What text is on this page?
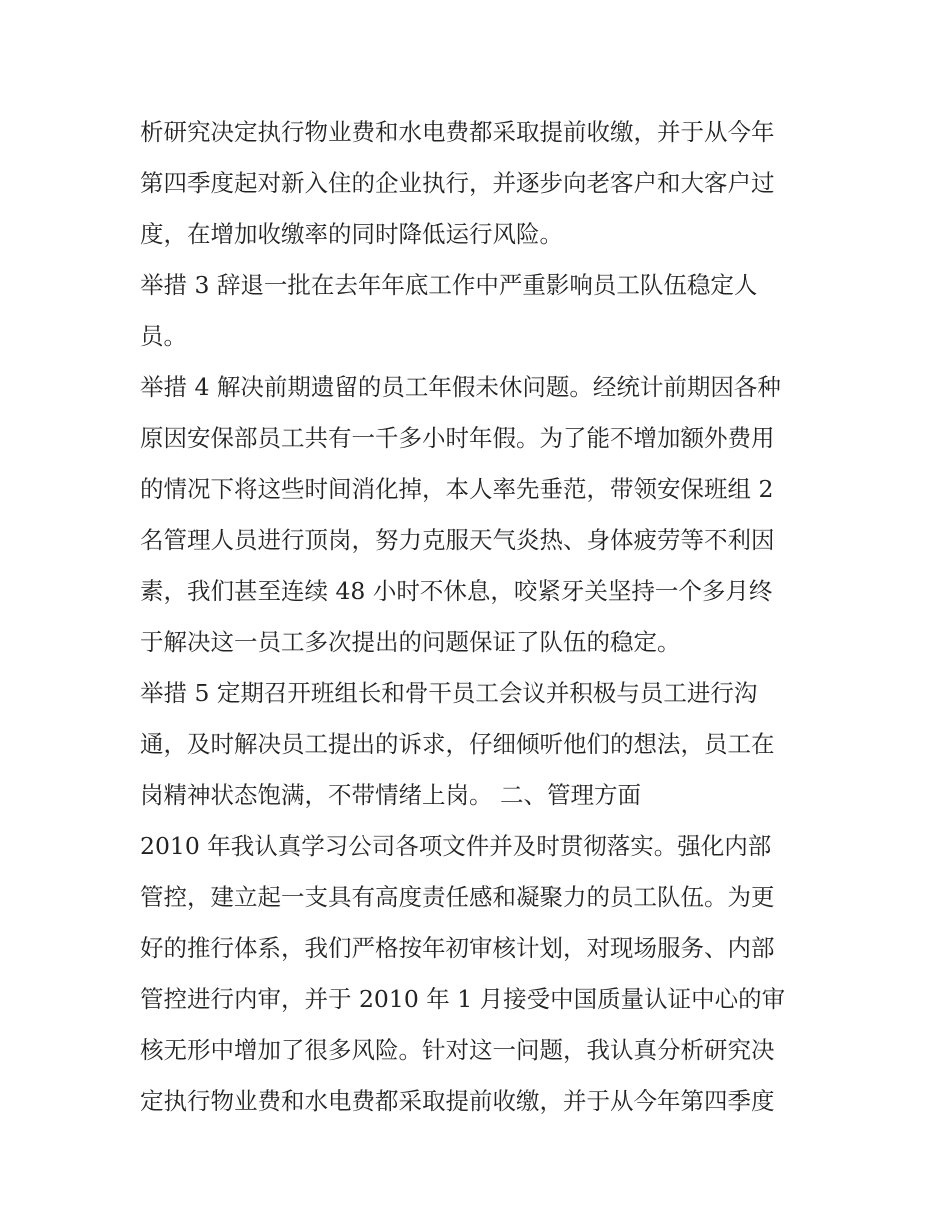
析研究决定执行物业费和水电费都采取提前收缴，并于从今年
第四季度起对新入住的企业执行，并逐步向老客户和大客户过
度，在增加收缴率的同时降低运行风险。
举措 3 辞退一批在去年年底工作中严重影响员工队伍稳定人
员。
举措 4 解决前期遗留的员工年假未休问题。经统计前期因各种
原因安保部员工共有一千多小时年假。为了能不增加额外费用
的情况下将这些时间消化掉，本人率先垂范，带领安保班组 2
名管理人员进行顶岗，努力克服天气炎热、身体疲劳等不利因
素，我们甚至连续 48 小时不休息，咬紧牙关坚持一个多月终
于解决这一员工多次提出的问题保证了队伍的稳定。
举措 5 定期召开班组长和骨干员工会议并积极与员工进行沟
通，及时解决员工提出的诉求，仔细倾听他们的想法，员工在
岗精神状态饱满，不带情绪上岗。 二、管理方面
2010 年我认真学习公司各项文件并及时贯彻落实。强化内部
管控，建立起一支具有高度责任感和凝聚力的员工队伍。为更
好的推行体系，我们严格按年初审核计划，对现场服务、内部
管控进行内审，并于 2010 年 1 月接受中国质量认证中心的审
核无形中增加了很多风险。针对这一问题，我认真分析研究决
定执行物业费和水电费都采取提前收缴，并于从今年第四季度
